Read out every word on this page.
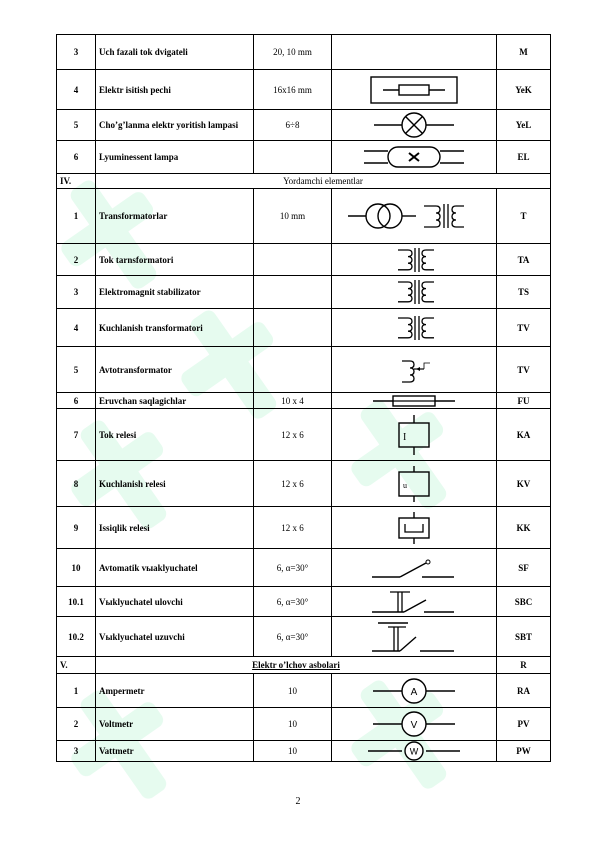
3	Uch fazali tok dvigateli	20, 10 mm		M
4	Elektr isitish pechi	16x16 mm		YeK
5	Cho’g’lanma elektr yoritish lampasi	6÷8		YeL
6	Lyuminessent lampa			EL
IV.	Yordamchi elementlar			
1	Transformatorlar	10 mm		T
2	Tok tarnsformatori			TA
3	Elektromagnit stabilizator			TS
4	Kuchlanish transformatori			TV
5	Avtotransformator			TV
6	Eruvchan saqlagichlar	10 x 4		FU
7	Tok relesi	12 x 6	I	KA
8	Kuchlanish relesi	12 x 6	u	KV
9	Issiqlik relesi	12 x 6		KK
10	Avtomatik vыaklyuchatel	6, α=30°		SF
10.1	Vыklyuchatel ulovchi	6, α=30°		SBC
10.2	Vыklyuchatel uzuvchi	6, α=30°		SBT
V.	Elektr o’lchov asbolari			R
1	Ampermetr	10	A	RA
2	Voltmetr	10	V	PV
3	Vattmetr	10	W	PW
2
